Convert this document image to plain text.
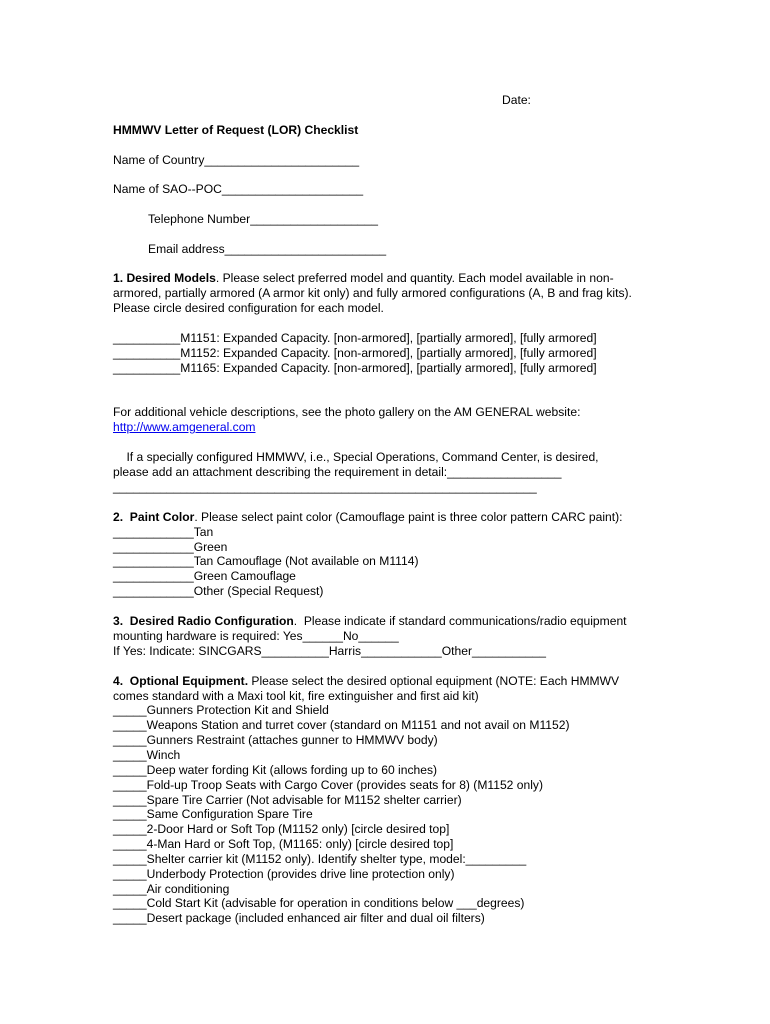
Date:
HMMWV Letter of Request (LOR) Checklist
Name of Country_______________________
Name of SAO--POC_____________________
Telephone Number___________________
Email address________________________
1. Desired Models. Please select preferred model and quantity. Each model available in non-
armored, partially armored (A armor kit only) and fully armored configurations (A, B and frag kits).
Please circle desired configuration for each model.
__________M1151: Expanded Capacity. [non-armored], [partially armored], [fully armored]
__________M1152: Expanded Capacity. [non-armored], [partially armored], [fully armored]
__________M1165: Expanded Capacity. [non-armored], [partially armored], [fully armored]
For additional vehicle descriptions, see the photo gallery on the AM GENERAL website:
http://www.amgeneral.com
If a specially configured HMMWV, i.e., Special Operations, Command Center, is desired,
please add an attachment describing the requirement in detail:_________________
_______________________________________________________________
2.  Paint Color. Please select paint color (Camouflage paint is three color pattern CARC paint):
____________Tan
____________Green
____________Tan Camouflage (Not available on M1114)
____________Green Camouflage
____________Other (Special Request)
3.  Desired Radio Configuration.  Please indicate if standard communications/radio equipment
mounting hardware is required: Yes______No______
If Yes: Indicate: SINCGARS__________Harris____________Other___________
4.  Optional Equipment. Please select the desired optional equipment (NOTE: Each HMMWV
comes standard with a Maxi tool kit, fire extinguisher and first aid kit)
_____Gunners Protection Kit and Shield
_____Weapons Station and turret cover (standard on M1151 and not avail on M1152)
_____Gunners Restraint (attaches gunner to HMMWV body)
_____Winch
_____Deep water fording Kit (allows fording up to 60 inches)
_____Fold-up Troop Seats with Cargo Cover (provides seats for 8) (M1152 only)
_____Spare Tire Carrier (Not advisable for M1152 shelter carrier)
_____Same Configuration Spare Tire
_____2-Door Hard or Soft Top (M1152 only) [circle desired top]
_____4-Man Hard or Soft Top, (M1165: only) [circle desired top]
_____Shelter carrier kit (M1152 only). Identify shelter type, model:_________
_____Underbody Protection (provides drive line protection only)
_____Air conditioning
_____Cold Start Kit (advisable for operation in conditions below ___degrees)
_____Desert package (included enhanced air filter and dual oil filters)
